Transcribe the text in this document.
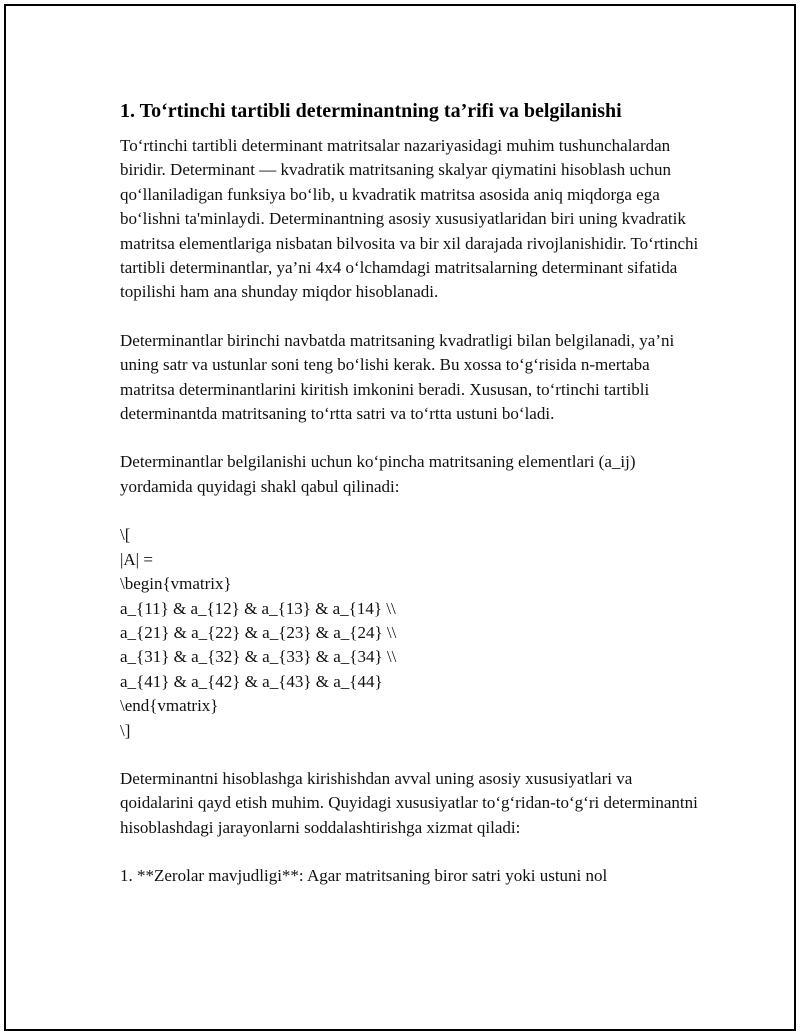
1. To‘rtinchi tartibli determinantning ta’rifi va belgilanishi

To‘rtinchi tartibli determinant matritsalar nazariyasidagi muhim tushunchalardan biridir. Determinant — kvadratik matritsaning skalyar qiymatini hisoblash uchun qo‘llaniladigan funksiya bo‘lib, u kvadratik matritsa asosida aniq miqdorga ega bo‘lishni ta'minlaydi. Determinantning asosiy xususiyatlaridan biri uning kvadratik matritsa elementlariga nisbatan bilvosita va bir xil darajada rivojlanishidir. To‘rtinchi tartibli determinantlar, ya’ni 4x4 o‘lchamdagi matritsalarning determinant sifatida topilishi ham ana shunday miqdor hisoblanadi.

Determinantlar birinchi navbatda matritsaning kvadratligi bilan belgilanadi, ya’ni uning satr va ustunlar soni teng bo‘lishi kerak. Bu xossa to‘g‘risida n-mertaba matritsa determinantlarini kiritish imkonini beradi. Xususan, to‘rtinchi tartibli determinantda matritsaning to‘rtta satri va to‘rtta ustuni bo‘ladi.

Determinantlar belgilanishi uchun ko‘pincha matritsaning elementlari (a_ij) yordamida quyidagi shakl qabul qilinadi:

\[
|A| =
\begin{vmatrix}
a_{11} & a_{12} & a_{13} & a_{14} \\
a_{21} & a_{22} & a_{23} & a_{24} \\
a_{31} & a_{32} & a_{33} & a_{34} \\
a_{41} & a_{42} & a_{43} & a_{44}
\end{vmatrix}
\]

Determinantni hisoblashga kirishishdan avval uning asosiy xususiyatlari va qoidalarini qayd etish muhim. Quyidagi xususiyatlar to‘g‘ridan-to‘g‘ri determinantni hisoblashdagi jarayonlarni soddalashtirishga xizmat qiladi:

1. **Zerolar mavjudligi**: Agar matritsaning biror satri yoki ustuni nol
